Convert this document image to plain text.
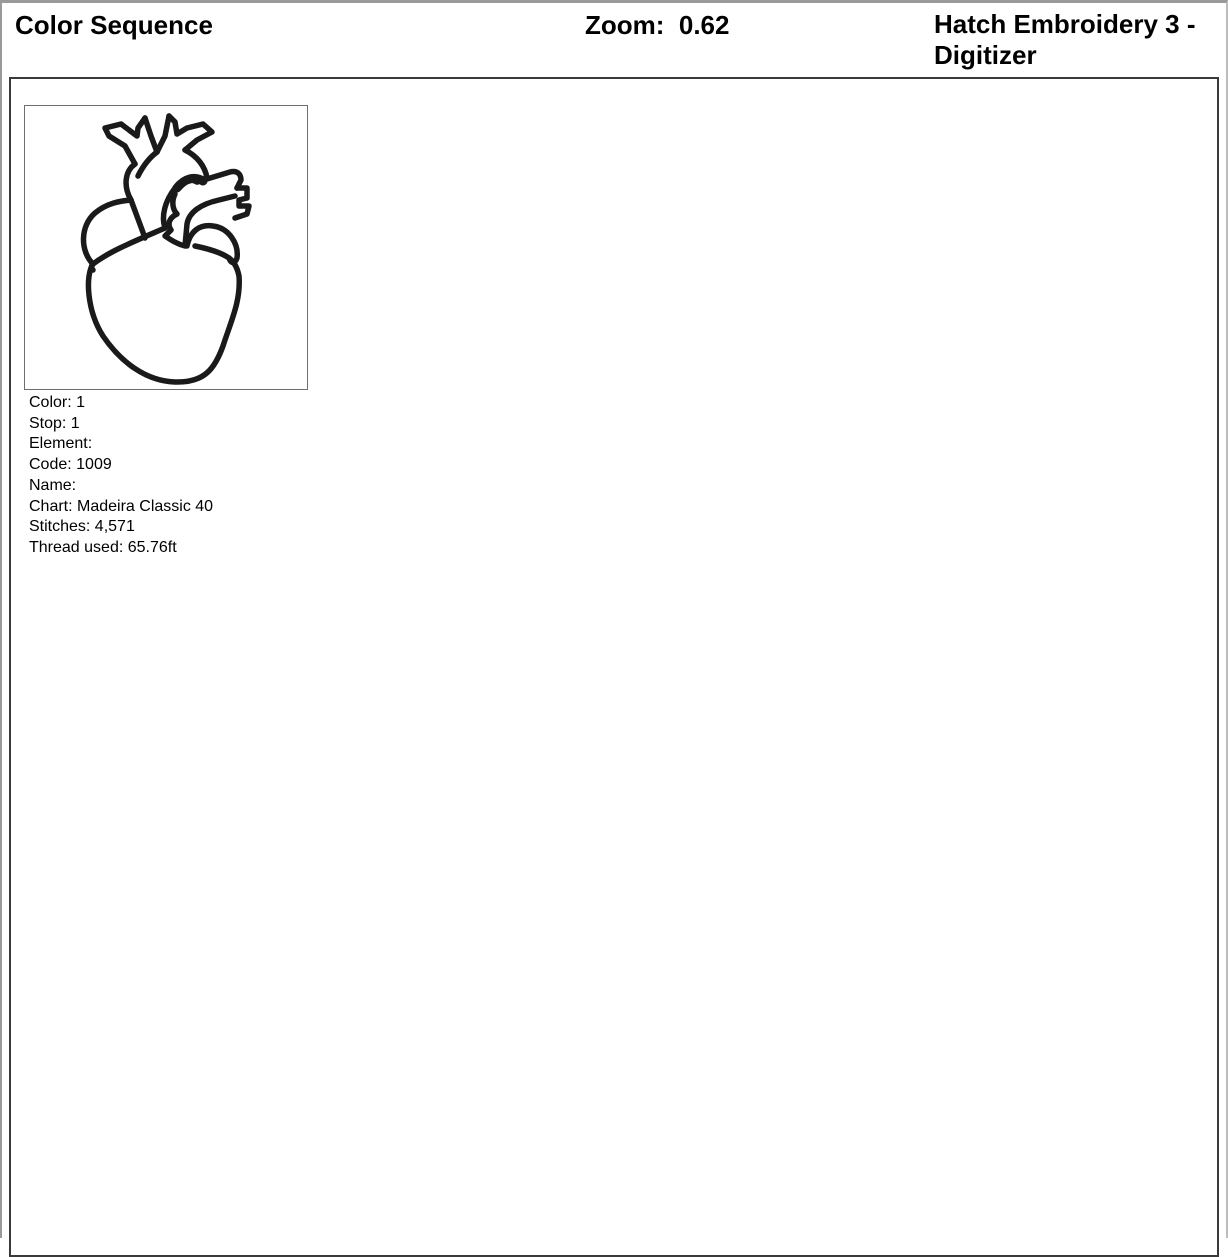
Color Sequence	Zoom:  0.62	Hatch Embroidery 3 - Digitizer
Color: 1
Stop: 1
Element:
Code: 1009
Name:
Chart: Madeira Classic 40
Stitches: 4,571
Thread used: 65.76ft
